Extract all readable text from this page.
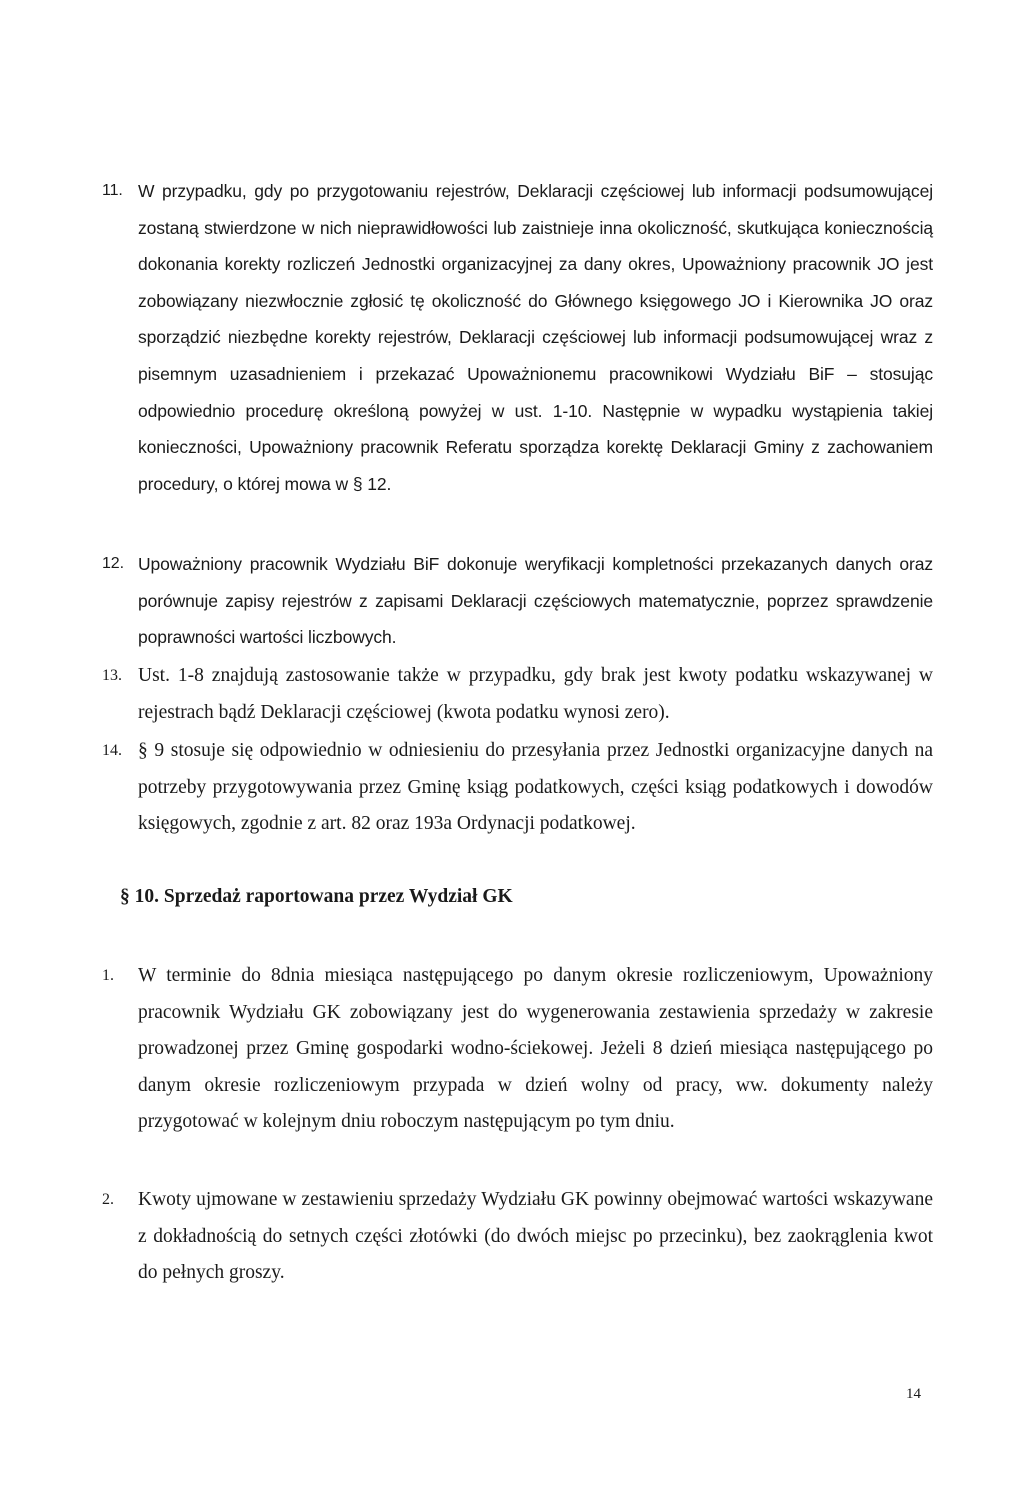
11. W przypadku, gdy po przygotowaniu rejestrów, Deklaracji częściowej lub informacji podsumowującej zostaną stwierdzone w nich nieprawidłowości lub zaistnieje inna okoliczność, skutkująca koniecznością dokonania korekty rozliczeń Jednostki organizacyjnej za dany okres, Upoważniony pracownik JO jest zobowiązany niezwłocznie zgłosić tę okoliczność do Głównego księgowego JO i Kierownika JO oraz sporządzić niezbędne korekty rejestrów, Deklaracji częściowej lub informacji podsumowującej wraz z pisemnym uzasadnieniem i przekazać Upoważnionemu pracownikowi Wydziału BiF – stosując odpowiednio procedurę określoną powyżej w ust. 1-10. Następnie w wypadku wystąpienia takiej konieczności, Upoważniony pracownik Referatu sporządza korektę Deklaracji Gminy z zachowaniem procedury, o której mowa w § 12.
12. Upoważniony pracownik Wydziału BiF dokonuje weryfikacji kompletności przekazanych danych oraz porównuje zapisy rejestrów z zapisami Deklaracji częściowych matematycznie, poprzez sprawdzenie poprawności wartości liczbowych.
13. Ust. 1-8 znajdują zastosowanie także w przypadku, gdy brak jest kwoty podatku wskazywanej w rejestrach bądź Deklaracji częściowej (kwota podatku wynosi zero).
14. § 9 stosuje się odpowiednio w odniesieniu do przesyłania przez Jednostki organizacyjne danych na potrzeby przygotowywania przez Gminę ksiąg podatkowych, części ksiąg podatkowych i dowodów księgowych, zgodnie z art. 82 oraz 193a Ordynacji podatkowej.
§ 10. Sprzedaż raportowana przez Wydział GK
1.	W terminie do 8dnia miesiąca następującego po danym okresie rozliczeniowym, Upoważniony pracownik Wydziału GK zobowiązany jest do wygenerowania zestawienia sprzedaży w zakresie prowadzonej przez Gminę gospodarki wodno-ściekowej. Jeżeli 8 dzień miesiąca następującego po danym okresie rozliczeniowym przypada w dzień wolny od pracy, ww. dokumenty należy przygotować w kolejnym dniu roboczym następującym po tym dniu.
2.	Kwoty ujmowane w zestawieniu sprzedaży Wydziału GK powinny obejmować wartości wskazywane z dokładnością do setnych części złotówki (do dwóch miejsc po przecinku), bez zaokrąglenia kwot do pełnych groszy.
14
